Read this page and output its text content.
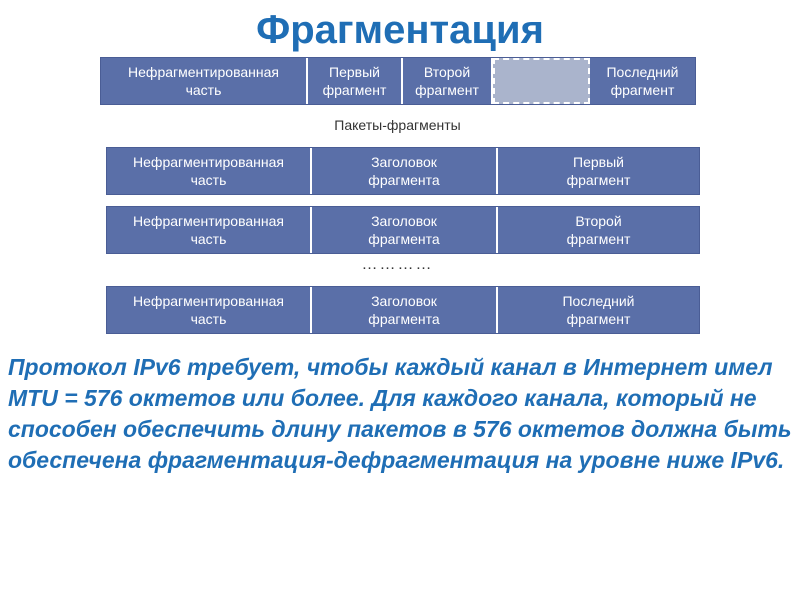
Фрагментация
Нефрагментированная
часть
Первый
фрагмент
Второй
фрагмент
Последний
фрагмент
Пакеты-фрагменты
Нефрагментированная
часть
Заголовок
фрагмента
Первый
фрагмент
Нефрагментированная
часть
Заголовок
фрагмента
Второй
фрагмент
…………
Нефрагментированная
часть
Заголовок
фрагмента
Последний
фрагмент
Протокол IPv6 требует, чтобы каждый канал в Интернет имел MTU = 576 октетов или более. Для каждого канала, который не способен обеспечить длину пакетов в 576 октетов должна быть обеспечена фрагментация-дефрагментация на уровне ниже IPv6.
